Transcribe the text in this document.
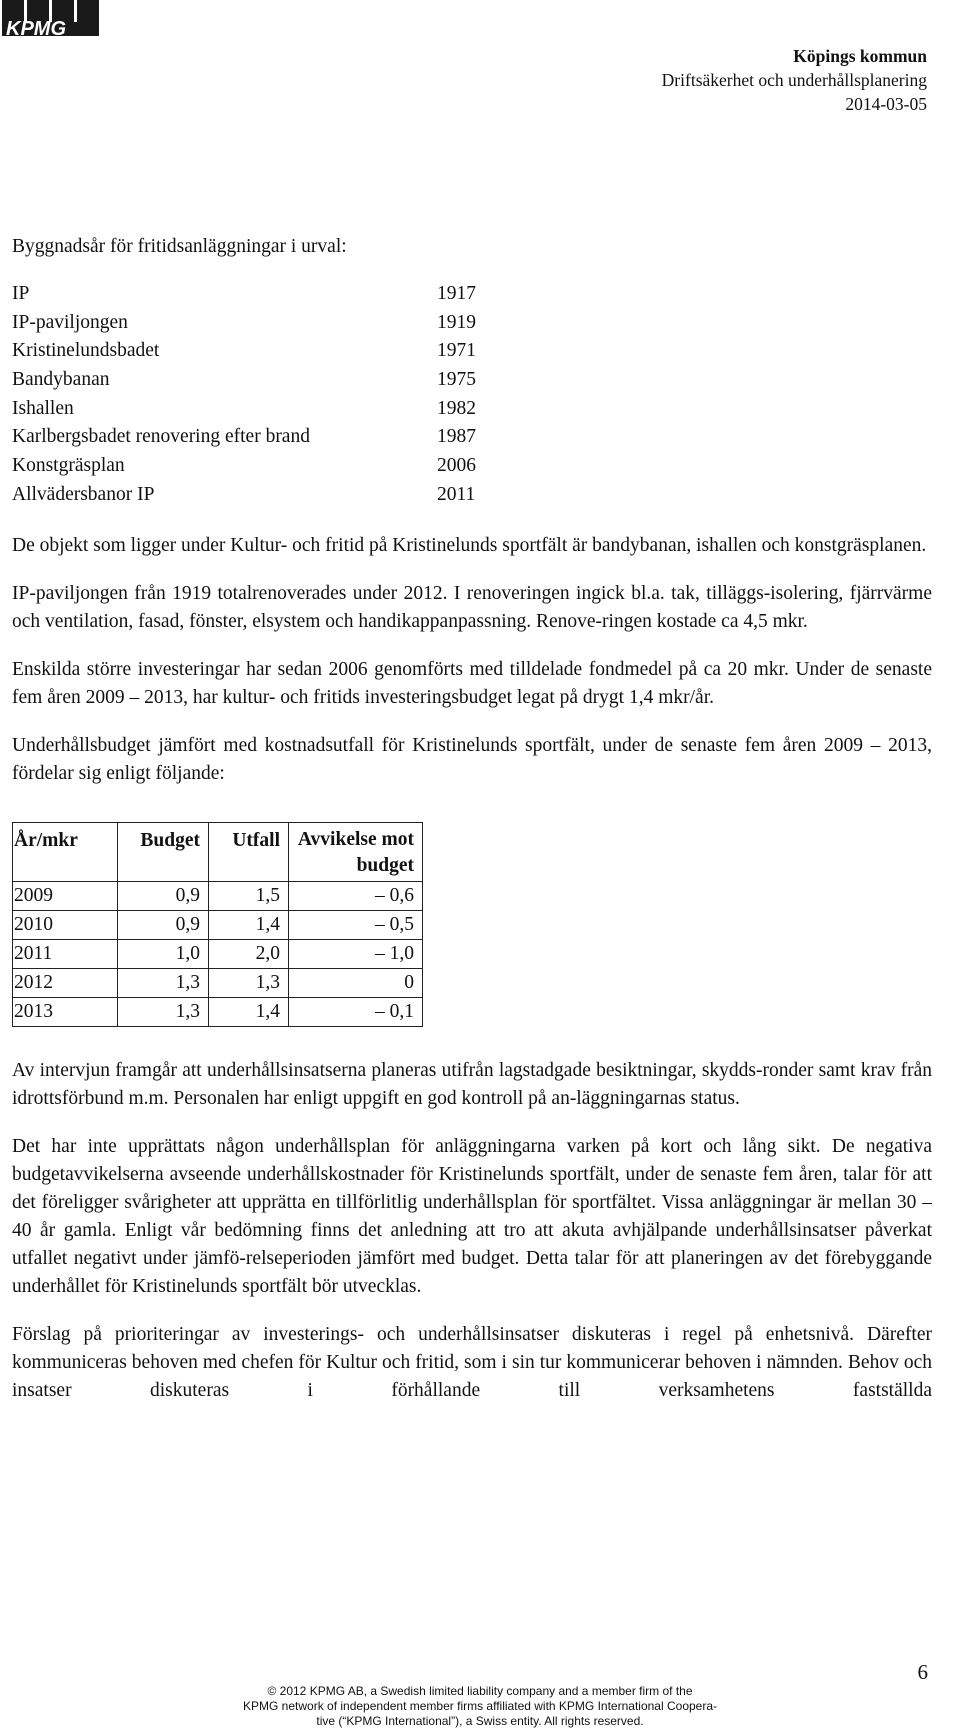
KPMG
Köpings kommun
Driftsäkerhet och underhållsplanering
2014-03-05

Byggnadsår för fritidsanläggningar i urval:

IP	1917
IP-paviljongen	1919
Kristinelundsbadet	1971
Bandybanan	1975
Ishallen	1982
Karlbergsbadet renovering efter brand	1987
Konstgräsplan	2006
Allvädersbanor IP	2011

De objekt som ligger under Kultur- och fritid på Kristinelunds sportfält är bandybanan, ishallen och konstgräsplanen.

IP-paviljongen från 1919 totalrenoverades under 2012. I renoveringen ingick bl.a. tak, tilläggs-isolering, fjärrvärme och ventilation, fasad, fönster, elsystem och handikappanpassning. Renove-ringen kostade ca 4,5 mkr.

Enskilda större investeringar har sedan 2006 genomförts med tilldelade fondmedel på ca 20 mkr. Under de senaste fem åren 2009 – 2013, har kultur- och fritids investeringsbudget legat på drygt 1,4 mkr/år.

Underhållsbudget jämfört med kostnadsutfall för Kristinelunds sportfält, under de senaste fem åren 2009 – 2013, fördelar sig enligt följande:

År/mkr	Budget	Utfall	Avvikelse mot budget
2009	0,9	1,5	– 0,6
2010	0,9	1,4	– 0,5
2011	1,0	2,0	– 1,0
2012	1,3	1,3	0
2013	1,3	1,4	– 0,1

Av intervjun framgår att underhållsinsatserna planeras utifrån lagstadgade besiktningar, skydds-ronder samt krav från idrottsförbund m.m. Personalen har enligt uppgift en god kontroll på an-läggningarnas status.

Det har inte upprättats någon underhållsplan för anläggningarna varken på kort och lång sikt. De negativa budgetavvikelserna avseende underhållskostnader för Kristinelunds sportfält, under de senaste fem åren, talar för att det föreligger svårigheter att upprätta en tillförlitlig underhållsplan för sportfältet. Vissa anläggningar är mellan 30 – 40 år gamla. Enligt vår bedömning finns det anledning att tro att akuta avhjälpande underhållsinsatser påverkat utfallet negativt under jämfö-relseperioden jämfört med budget. Detta talar för att planeringen av det förebyggande underhållet för Kristinelunds sportfält bör utvecklas.

Förslag på prioriteringar av investerings- och underhållsinsatser diskuteras i regel på enhetsnivå. Därefter kommuniceras behoven med chefen för Kultur och fritid, som i sin tur kommunicerar behoven i nämnden. Behov och insatser diskuteras i förhållande till verksamhetens fastställda

6
© 2012 KPMG AB, a Swedish limited liability company and a member firm of the
KPMG network of independent member firms affiliated with KPMG International Coopera-
tive (“KPMG International”), a Swiss entity. All rights reserved.
